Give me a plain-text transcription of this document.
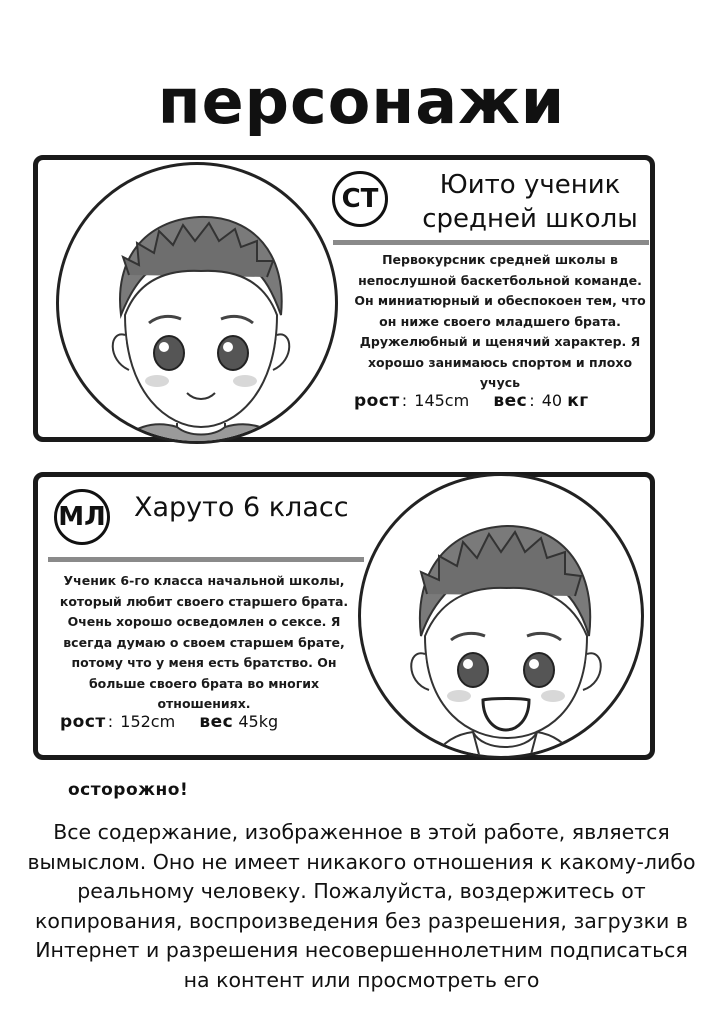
персонажи
СТ	Юито ученик
средней школы
Первокурсник средней школы в непослушной баскетбольной команде. Он миниатюрный и обеспокоен тем, что он ниже своего младшего брата. Дружелюбный и щенячий характер. Я хорошо занимаюсь спортом и плохо учусь
рост : 145cm вес : 40 кг
МЛ Харуто 6 класс
Ученик 6-го класса начальной школы, который любит своего старшего брата. Очень хорошо осведомлен о сексе. Я всегда думаю о своем старшем брате, потому что у меня есть братство. Он больше своего брата во многих отношениях.
рост : 152cm вес 45kg
осторожно!
Все содержание, изображенное в этой работе, является вымыслом. Оно не имеет никакого отношения к какому-либо реальному человеку. Пожалуйста, воздержитесь от копирования, воспроизведения без разрешения, загрузки в Интернет и разрешения несовершеннолетним подписаться на контент или просмотреть его
